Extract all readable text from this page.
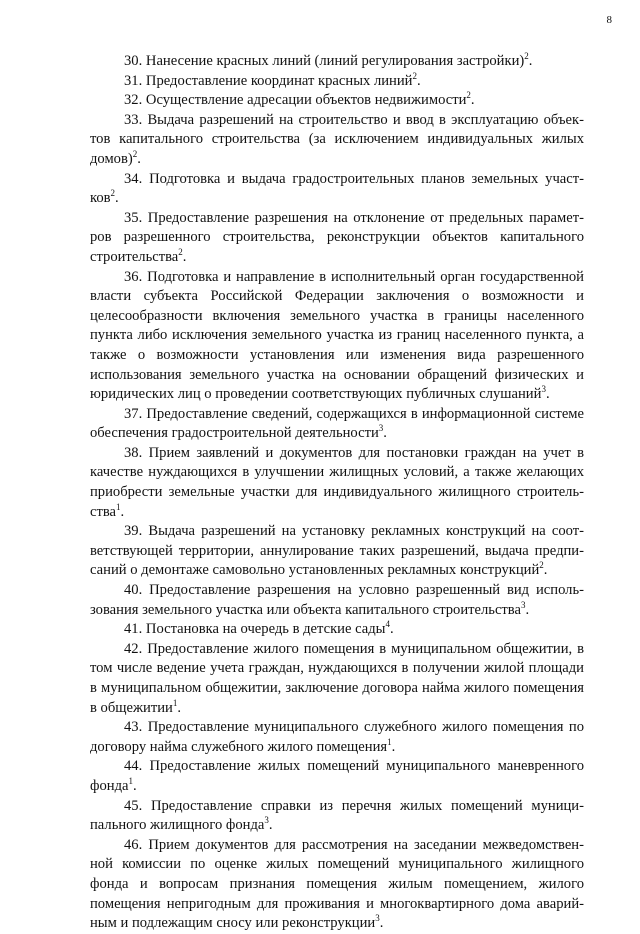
8

30. Нанесение красных линий (линий регулирования застройки)$^2$.

31. Предоставление координат красных линий$^2$.

32. Осуществление адресации объектов недвижимости$^2$.

33. Выдача разрешений на строительство и ввод в эксплуатацию объектов капитального строительства (за исключением индивидуальных жилых домов)$^2$.

34. Подготовка и выдача градостроительных планов земельных участков$^2$.

35. Предоставление разрешения на отклонение от предельных параметров разрешенного строительства, реконструкции объектов капитального строительства$^2$.

36. Подготовка и направление в исполнительный орган государственной власти субъекта Российской Федерации заключения о возможности и целесообразности включения земельного участка в границы населенного пункта либо исключения земельного участка из границ населенного пункта, а также о возможности установления или изменения вида разрешенного использования земельного участка на основании обращений физических и юридических лиц о проведении соответствующих публичных слушаний$^3$.

37. Предоставление сведений, содержащихся в информационной системе обеспечения градостроительной деятельности$^3$.

38. Прием заявлений и документов для постановки граждан на учет в качестве нуждающихся в улучшении жилищных условий, а также желающих приобрести земельные участки для индивидуального жилищного строительства$^1$.

39. Выдача разрешений на установку рекламных конструкций на соответствующей территории, аннулирование таких разрешений, выдача предписаний о демонтаже самовольно установленных рекламных конструкций$^2$.

40. Предоставление разрешения на условно разрешенный вид использования земельного участка или объекта капитального строительства$^3$.

41. Постановка на очередь в детские сады$^4$.

42. Предоставление жилого помещения в муниципальном общежитии, в том числе ведение учета граждан, нуждающихся в получении жилой площади в муниципальном общежитии, заключение договора найма жилого помещения в общежитии$^1$.

43. Предоставление муниципального служебного жилого помещения по договору найма служебного жилого помещения$^1$.

44. Предоставление жилых помещений муниципального маневренного фонда$^1$.

45. Предоставление справки из перечня жилых помещений муниципального жилищного фонда$^3$.

46. Прием документов для рассмотрения на заседании межведомственной комиссии по оценке жилых помещений муниципального жилищного фонда и вопросам признания помещения жилым помещением, жилого помещения непригодным для проживания и многоквартирного дома аварийным и подлежащим сносу или реконструкции$^3$.
